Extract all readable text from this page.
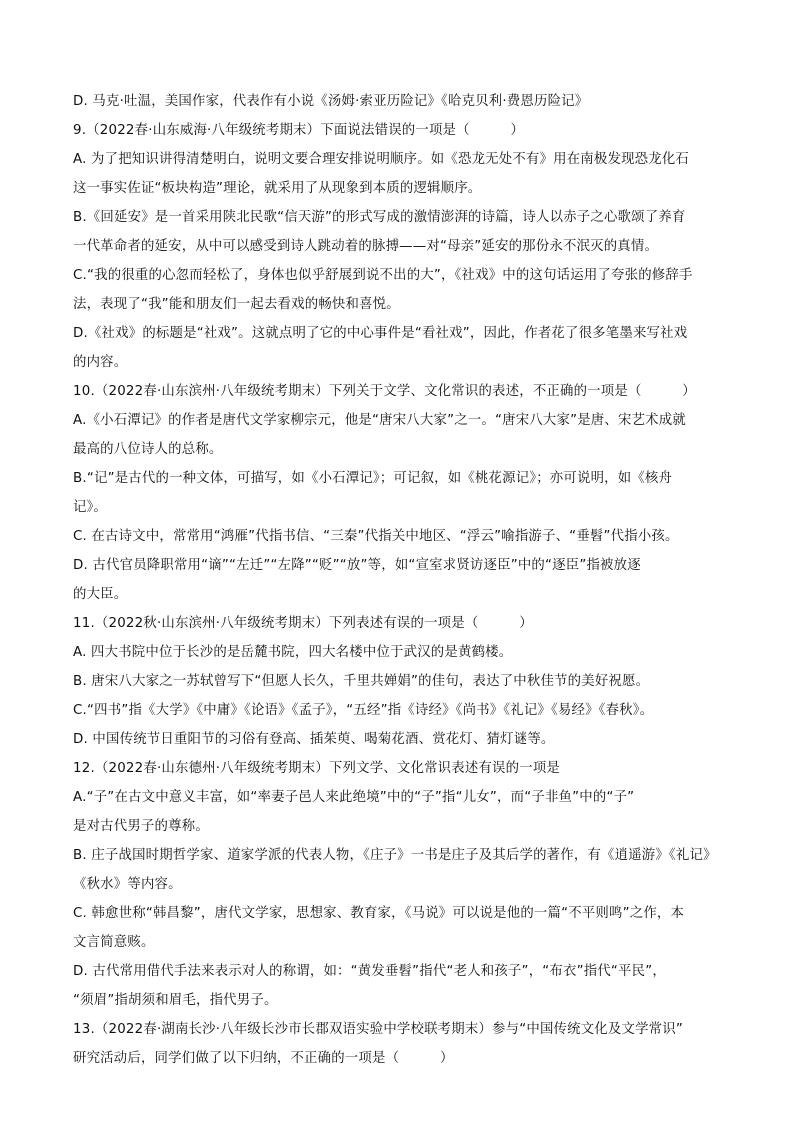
D. 马克·吐温，美国作家，代表作有小说《汤姆·索亚历险记》《哈克贝利·费恩历险记》
9.（2022春·山东威海·八年级统考期末）下面说法错误的一项是（　　　）
A. 为了把知识讲得清楚明白，说明文要合理安排说明顺序。如《恐龙无处不有》用在南极发现恐龙化石
这一事实佐证“板块构造”理论，就采用了从现象到本质的逻辑顺序。
B.《回延安》是一首采用陕北民歌“信天游”的形式写成的激情澎湃的诗篇，诗人以赤子之心歌颂了养育
一代革命者的延安，从中可以感受到诗人跳动着的脉搏——对“母亲”延安的那份永不泯灭的真情。
C.“我的很重的心忽而轻松了，身体也似乎舒展到说不出的大”，《社戏》中的这句话运用了夸张的修辞手
法，表现了“我”能和朋友们一起去看戏的畅快和喜悦。
D.《社戏》的标题是“社戏”。这就点明了它的中心事件是“看社戏”，因此，作者花了很多笔墨来写社戏
的内容。
10.（2022春·山东滨州·八年级统考期末）下列关于文学、文化常识的表述，不正确的一项是（　　　）
A.《小石潭记》的作者是唐代文学家柳宗元，他是“唐宋八大家”之一。“唐宋八大家”是唐、宋艺术成就
最高的八位诗人的总称。
B.“记”是古代的一种文体，可描写，如《小石潭记》；可记叙，如《桃花源记》；亦可说明，如《核舟
记》。
C. 在古诗文中，常常用“鸿雁”代指书信、“三秦”代指关中地区、“浮云”喻指游子、“垂髫”代指小孩。
D. 古代官员降职常用“谪”“左迁”“左降”“贬”“放”等，如“宣室求贤访逐臣”中的“逐臣”指被放逐
的大臣。
11.（2022秋·山东滨州·八年级统考期末）下列表述有误的一项是（　　　）
A. 四大书院中位于长沙的是岳麓书院，四大名楼中位于武汉的是黄鹤楼。
B. 唐宋八大家之一苏轼曾写下“但愿人长久，千里共婵娟”的佳句，表达了中秋佳节的美好祝愿。
C.“四书”指《大学》《中庸》《论语》《孟子》，“五经”指《诗经》《尚书》《礼记》《易经》《春秋》。
D. 中国传统节日重阳节的习俗有登高、插茱萸、喝菊花酒、赏花灯、猜灯谜等。
12.（2022春·山东德州·八年级统考期末）下列文学、文化常识表述有误的一项是
A.“子”在古文中意义丰富，如“率妻子邑人来此绝境”中的“子”指“儿女”，而“子非鱼”中的“子”
是对古代男子的尊称。
B. 庄子战国时期哲学家、道家学派的代表人物，《庄子》一书是庄子及其后学的著作，有《逍遥游》《礼记》
《秋水》等内容。
C. 韩愈世称“韩昌黎”，唐代文学家，思想家、教育家，《马说》可以说是他的一篇“不平则鸣”之作，本
文言简意赅。
D. 古代常用借代手法来表示对人的称谓，如：“黄发垂髫”指代“老人和孩子”，“布衣”指代“平民”，
“须眉”指胡须和眉毛，指代男子。
13.（2022春·湖南长沙·八年级长沙市长郡双语实验中学校联考期末）参与“中国传统文化及文学常识”
研究活动后，同学们做了以下归纳，不正确的一项是（　　　）
